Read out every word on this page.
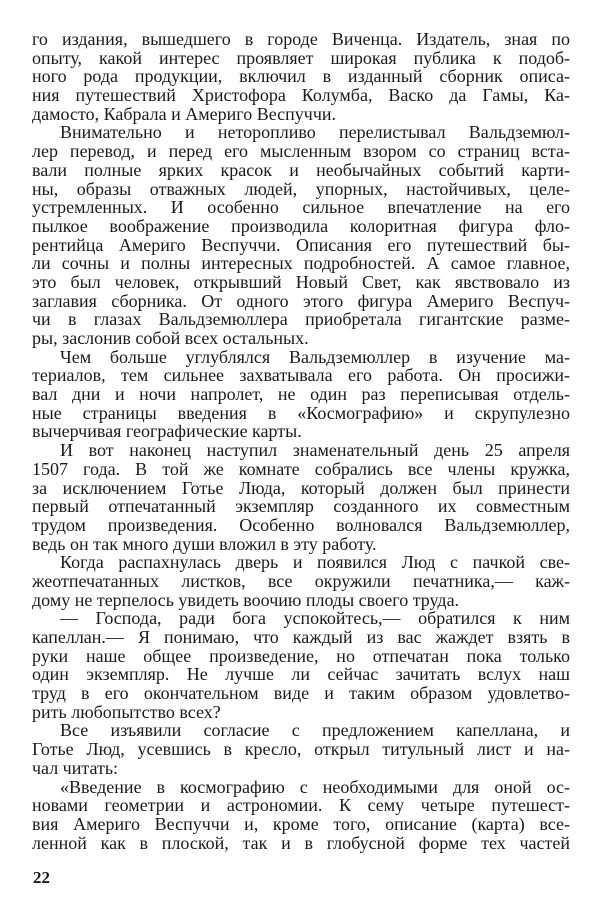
го издания, вышедшего в городе Виченца. Издатель, зная по
опыту, какой интерес проявляет широкая публика к подоб-
ного рода продукции, включил в изданный сборник описа-
ния путешествий Христофора Колумба, Васко да Гамы, Ка-
дамосто, Кабрала и Америго Веспуччи.
Внимательно и неторопливо перелистывал Вальдземюл-
лер перевод, и перед его мысленным взором со страниц вста-
вали полные ярких красок и необычайных событий карти-
ны, образы отважных людей, упорных, настойчивых, целе-
устремленных. И особенно сильное впечатление на его
пылкое воображение производила колоритная фигура фло-
рентийца Америго Веспуччи. Описания его путешествий бы-
ли сочны и полны интересных подробностей. А самое главное,
это был человек, открывший Новый Свет, как явствовало из
заглавия сборника. От одного этого фигура Америго Веспуч-
чи в глазах Вальдземюллера приобретала гигантские разме-
ры, заслонив собой всех остальных.
Чем больше углублялся Вальдземюллер в изучение ма-
териалов, тем сильнее захватывала его работа. Он просижи-
вал дни и ночи напролет, не один раз переписывая отдель-
ные страницы введения в «Космографию» и скрупулезно
вычерчивая географические карты.
И вот наконец наступил знаменательный день 25 апреля
1507 года. В той же комнате собрались все члены кружка,
за исключением Готье Люда, который должен был принести
первый отпечатанный экземпляр созданного их совместным
трудом произведения. Особенно волновался Вальдземюллер,
ведь он так много души вложил в эту работу.
Когда распахнулась дверь и появился Люд с пачкой све-
жеотпечатанных листков, все окружили печатника,— каж-
дому не терпелось увидеть воочию плоды своего труда.
— Господа, ради бога успокойтесь,— обратился к ним
капеллан.— Я понимаю, что каждый из вас жаждет взять в
руки наше общее произведение, но отпечатан пока только
один экземпляр. Не лучше ли сейчас зачитать вслух наш
труд в его окончательном виде и таким образом удовлетво-
рить любопытство всех?
Все изъявили согласие с предложением капеллана, и
Готье Люд, усевшись в кресло, открыл титульный лист и на-
чал читать:
«Введение в космографию с необходимыми для оной ос-
новами геометрии и астрономии. К сему четыре путешест-
вия Америго Веспуччи и, кроме того, описание (карта) все-
ленной как в плоской, так и в глобусной форме тех частей
22
